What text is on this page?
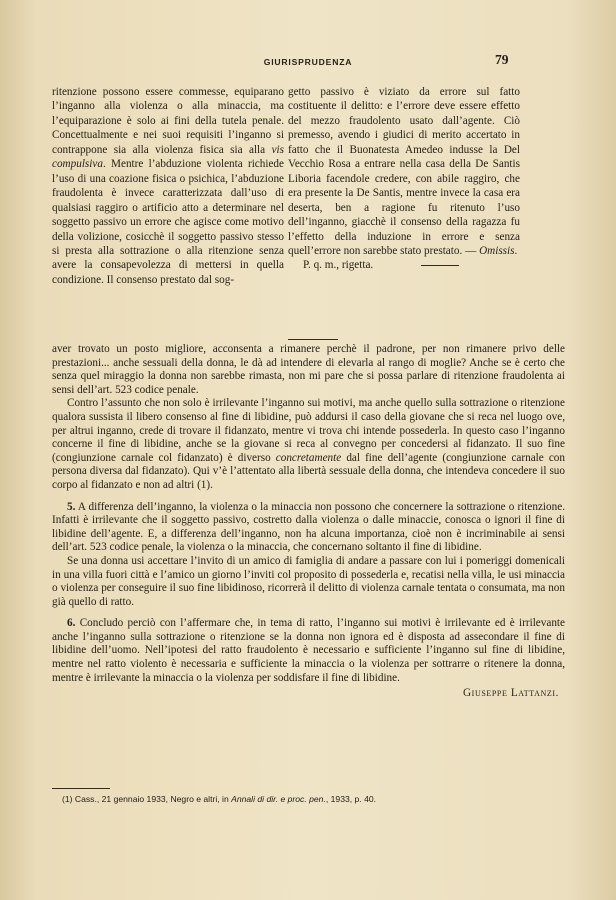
GIURISPRUDENZA	79

ritenzione possono essere commesse, equiparano l’inganno alla violenza o alla minaccia, ma l’equiparazione è solo ai fini della tutela penale. Concettualmente e nei suoi requisiti l’inganno si contrappone sia alla violenza fisica sia alla vis compulsiva. Mentre l’abduzione violenta richiede l’uso di una coazione fisica o psichica, l’abduzione fraudolenta è invece caratterizzata dall’uso di qualsiasi raggiro o artificio atto a determinare nel soggetto passivo un errore che agisce come motivo della volizione, cosicchè il soggetto passivo stesso si presta alla sottrazione o alla ritenzione senza avere la consapevolezza di mettersi in quella condizione. Il consenso prestato dal sog-

getto passivo è viziato da errore sul fatto costituente il delitto: e l’errore deve essere effetto del mezzo fraudolento usato dall’agente. Ciò premesso, avendo i giudici di merito accertato in fatto che il Buonatesta Amedeo indusse la Del Vecchio Rosa a entrare nella casa della De Santis Liboria facendole credere, con abile raggiro, che era presente la De Santis, mentre invece la casa era deserta, ben a ragione fu ritenuto l’uso dell’inganno, giacchè il consenso della ragazza fu l’effetto della induzione in errore e senza quell’errore non sarebbe stato prestato. — Omissis.

P. q. m., rigetta.

aver trovato un posto migliore, acconsenta a rimanere perchè il padrone, per non rimanere privo delle prestazioni... anche sessuali della donna, le dà ad intendere di elevarla al rango di moglie? Anche se è certo che senza quel miraggio la donna non sarebbe rimasta, non mi pare che si possa parlare di ritenzione fraudolenta ai sensi dell’art. 523 codice penale.

Contro l’assunto che non solo è irrilevante l’inganno sui motivi, ma anche quello sulla sottrazione o ritenzione qualora sussista il libero consenso al fine di libidine, può addursi il caso della giovane che si reca nel luogo ove, per altrui inganno, crede di trovare il fidanzato, mentre vi trova chi intende possederla. In questo caso l’inganno concerne il fine di libidine, anche se la giovane si reca al convegno per concedersi al fidanzato. Il suo fine (congiunzione carnale col fidanzato) è diverso concretamente dal fine dell’agente (congiunzione carnale con persona diversa dal fidanzato). Qui v’è l’attentato alla libertà sessuale della donna, che intendeva concedere il suo corpo al fidanzato e non ad altri (1).

5. A differenza dell’inganno, la violenza o la minaccia non possono che concernere la sottrazione o ritenzione. Infatti è irrilevante che il soggetto passivo, costretto dalla violenza o dalle minaccie, conosca o ignori il fine di libidine dell’agente. E, a differenza dell’inganno, non ha alcuna importanza, cioè non è incriminabile ai sensi dell’art. 523 codice penale, la violenza o la minaccia, che concernano soltanto il fine di libidine.

Se una donna usi accettare l’invito di un amico di famiglia di andare a passare con lui i pomeriggi domenicali in una villa fuori città e l’amico un giorno l’inviti col proposito di possederla e, recatisi nella villa, le usi minaccia o violenza per conseguire il suo fine libidinoso, ricorrerà il delitto di violenza carnale tentata o consumata, ma non già quello di ratto.

6. Concludo perciò con l’affermare che, in tema di ratto, l’inganno sui motivi è irrilevante ed è irrilevante anche l’inganno sulla sottrazione o ritenzione se la donna non ignora ed è disposta ad assecondare il fine di libidine dell’uomo. Nell’ipotesi del ratto fraudolento è necessario e sufficiente l’inganno sul fine di libidine, mentre nel ratto violento è necessaria e sufficiente la minaccia o la violenza per sottrarre o ritenere la donna, mentre è irrilevante la minaccia o la violenza per soddisfare il fine di libidine.

Giuseppe Lattanzi.
(1) Cass., 21 gennaio 1933, Negro e altri, in Annali di dir. e proc. pen., 1933, p. 40.
